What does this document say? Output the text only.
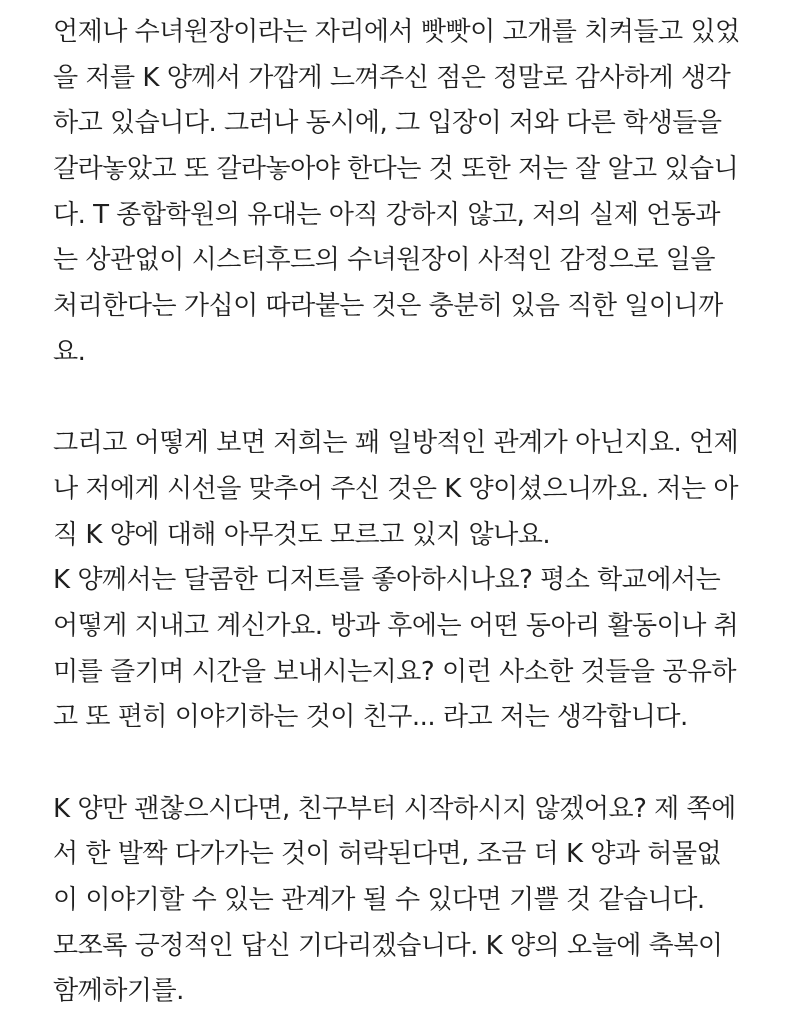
언제나 수녀원장이라는 자리에서 빳빳이 고개를 치켜들고 있었
을 저를 K 양께서 가깝게 느껴주신 점은 정말로 감사하게 생각
하고 있습니다. 그러나 동시에, 그 입장이 저와 다른 학생들을
갈라놓았고 또 갈라놓아야 한다는 것 또한 저는 잘 알고 있습니
다. T 종합학원의 유대는 아직 강하지 않고, 저의 실제 언동과
는 상관없이 시스터후드의 수녀원장이 사적인 감정으로 일을
처리한다는 가십이 따라붙는 것은 충분히 있음 직한 일이니까
요.
그리고 어떻게 보면 저희는 꽤 일방적인 관계가 아닌지요. 언제
나 저에게 시선을 맞추어 주신 것은 K 양이셨으니까요. 저는 아
직 K 양에 대해 아무것도 모르고 있지 않나요.
K 양께서는 달콤한 디저트를 좋아하시나요? 평소 학교에서는
어떻게 지내고 계신가요. 방과 후에는 어떤 동아리 활동이나 취
미를 즐기며 시간을 보내시는지요? 이런 사소한 것들을 공유하
고 또 편히 이야기하는 것이 친구... 라고 저는 생각합니다.
K 양만 괜찮으시다면, 친구부터 시작하시지 않겠어요? 제 쪽에
서 한 발짝 다가가는 것이 허락된다면, 조금 더 K 양과 허물없
이 이야기할 수 있는 관계가 될 수 있다면 기쁠 것 같습니다.
모쪼록 긍정적인 답신 기다리겠습니다. K 양의 오늘에 축복이
함께하기를.
